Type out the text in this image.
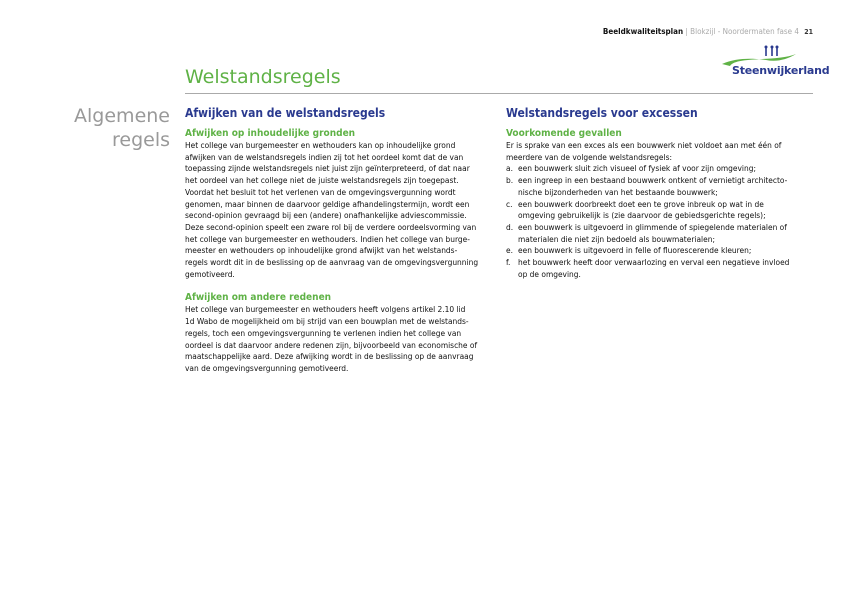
Beeldkwaliteitsplan | Blokzijl - Noordermaten fase 4 21
Steenwijkerland
Welstandsregels
Algemene
regels
Afwijken van de welstandsregels
Afwijken op inhoudelijke gronden
Het college van burgemeester en wethouders kan op inhoudelijke grond
afwijken van de welstandsregels indien zij tot het oordeel komt dat de van
toepassing zijnde welstandsregels niet juist zijn geïnterpreteerd, of dat naar
het oordeel van het college niet de juiste welstandsregels zijn toegepast.
Voordat het besluit tot het verlenen van de omgevingsvergunning wordt
genomen, maar binnen de daarvoor geldige afhandelingstermijn, wordt een
second-opinion gevraagd bij een (andere) onafhankelijke adviescommissie.
Deze second-opinion speelt een zware rol bij de verdere oordeelsvorming van
het college van burgemeester en wethouders. Indien het college van burge-
meester en wethouders op inhoudelijke grond afwijkt van het welstands-
regels wordt dit in de beslissing op de aanvraag van de omgevingsvergunning
gemotiveerd.
Afwijken om andere redenen
Het college van burgemeester en wethouders heeft volgens artikel 2.10 lid
1d Wabo de mogelijkheid om bij strijd van een bouwplan met de welstands-
regels, toch een omgevingsvergunning te verlenen indien het college van
oordeel is dat daarvoor andere redenen zijn, bijvoorbeeld van economische of
maatschappelijke aard. Deze afwijking wordt in de beslissing op de aanvraag
van de omgevingsvergunning gemotiveerd.
Welstandsregels voor excessen
Voorkomende gevallen
Er is sprake van een exces als een bouwwerk niet voldoet aan met één of
meerdere van de volgende welstandsregels:
a. een bouwwerk sluit zich visueel of fysiek af voor zijn omgeving;
b. een ingreep in een bestaand bouwwerk ontkent of vernietigt architecto-
nische bijzonderheden van het bestaande bouwwerk;
c. een bouwwerk doorbreekt doet een te grove inbreuk op wat in de
omgeving gebruikelijk is (zie daarvoor de gebiedsgerichte regels);
d. een bouwwerk is uitgevoerd in glimmende of spiegelende materialen of
materialen die niet zijn bedoeld als bouwmaterialen;
e. een bouwwerk is uitgevoerd in felle of fluorescerende kleuren;
f. het bouwwerk heeft door verwaarlozing en verval een negatieve invloed
op de omgeving.
